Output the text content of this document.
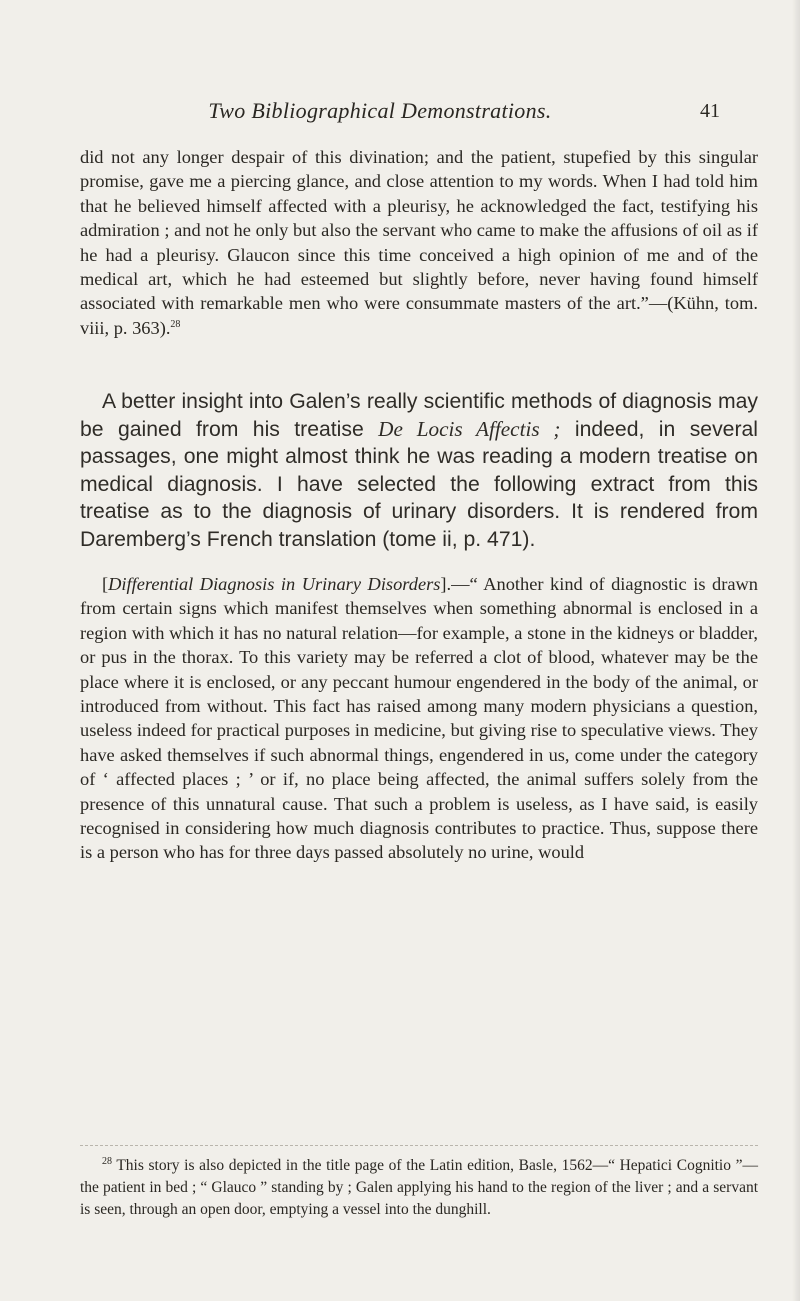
Two Bibliographical Demonstrations.	41

did not any longer despair of this divination; and the patient, stupefied by this singular promise, gave me a piercing glance, and close attention to my words. When I had told him that he believed himself affected with a pleurisy, he acknowledged the fact, testifying his admiration ; and not he only but also the servant who came to make the affusions of oil as if he had a pleurisy. Glaucon since this time conceived a high opinion of me and of the medical art, which he had esteemed but slightly before, never having found himself associated with remarkable men who were consummate masters of the art.”—(Kühn, tom. viii, p. 363).$^{28}$

A better insight into Galen’s really scientific methods of diagnosis may be gained from his treatise De Locis Affectis ; indeed, in several passages, one might almost think he was reading a modern treatise on medical diagnosis. I have selected the following extract from this treatise as to the diagnosis of urinary disorders. It is rendered from Daremberg’s French translation (tome ii, p. 471).

[Differential Diagnosis in Urinary Disorders].—“ Another kind of diagnostic is drawn from certain signs which manifest themselves when something abnormal is enclosed in a region with which it has no natural relation—for example, a stone in the kidneys or bladder, or pus in the thorax. To this variety may be referred a clot of blood, whatever may be the place where it is enclosed, or any peccant humour engendered in the body of the animal, or introduced from without. This fact has raised among many modern physicians a question, useless indeed for practical purposes in medicine, but giving rise to speculative views. They have asked themselves if such abnormal things, engendered in us, come under the category of ‘ affected places ; ’ or if, no place being affected, the animal suffers solely from the presence of this unnatural cause. That such a problem is useless, as I have said, is easily recognised in considering how much diagnosis contributes to practice. Thus, suppose there is a person who has for three days passed absolutely no urine, would

$^{28}$ This story is also depicted in the title page of the Latin edition, Basle, 1562—“ Hepatici Cognitio ”—the patient in bed ; “ Glauco ” standing by ; Galen applying his hand to the region of the liver ; and a servant is seen, through an open door, emptying a vessel into the dunghill.
